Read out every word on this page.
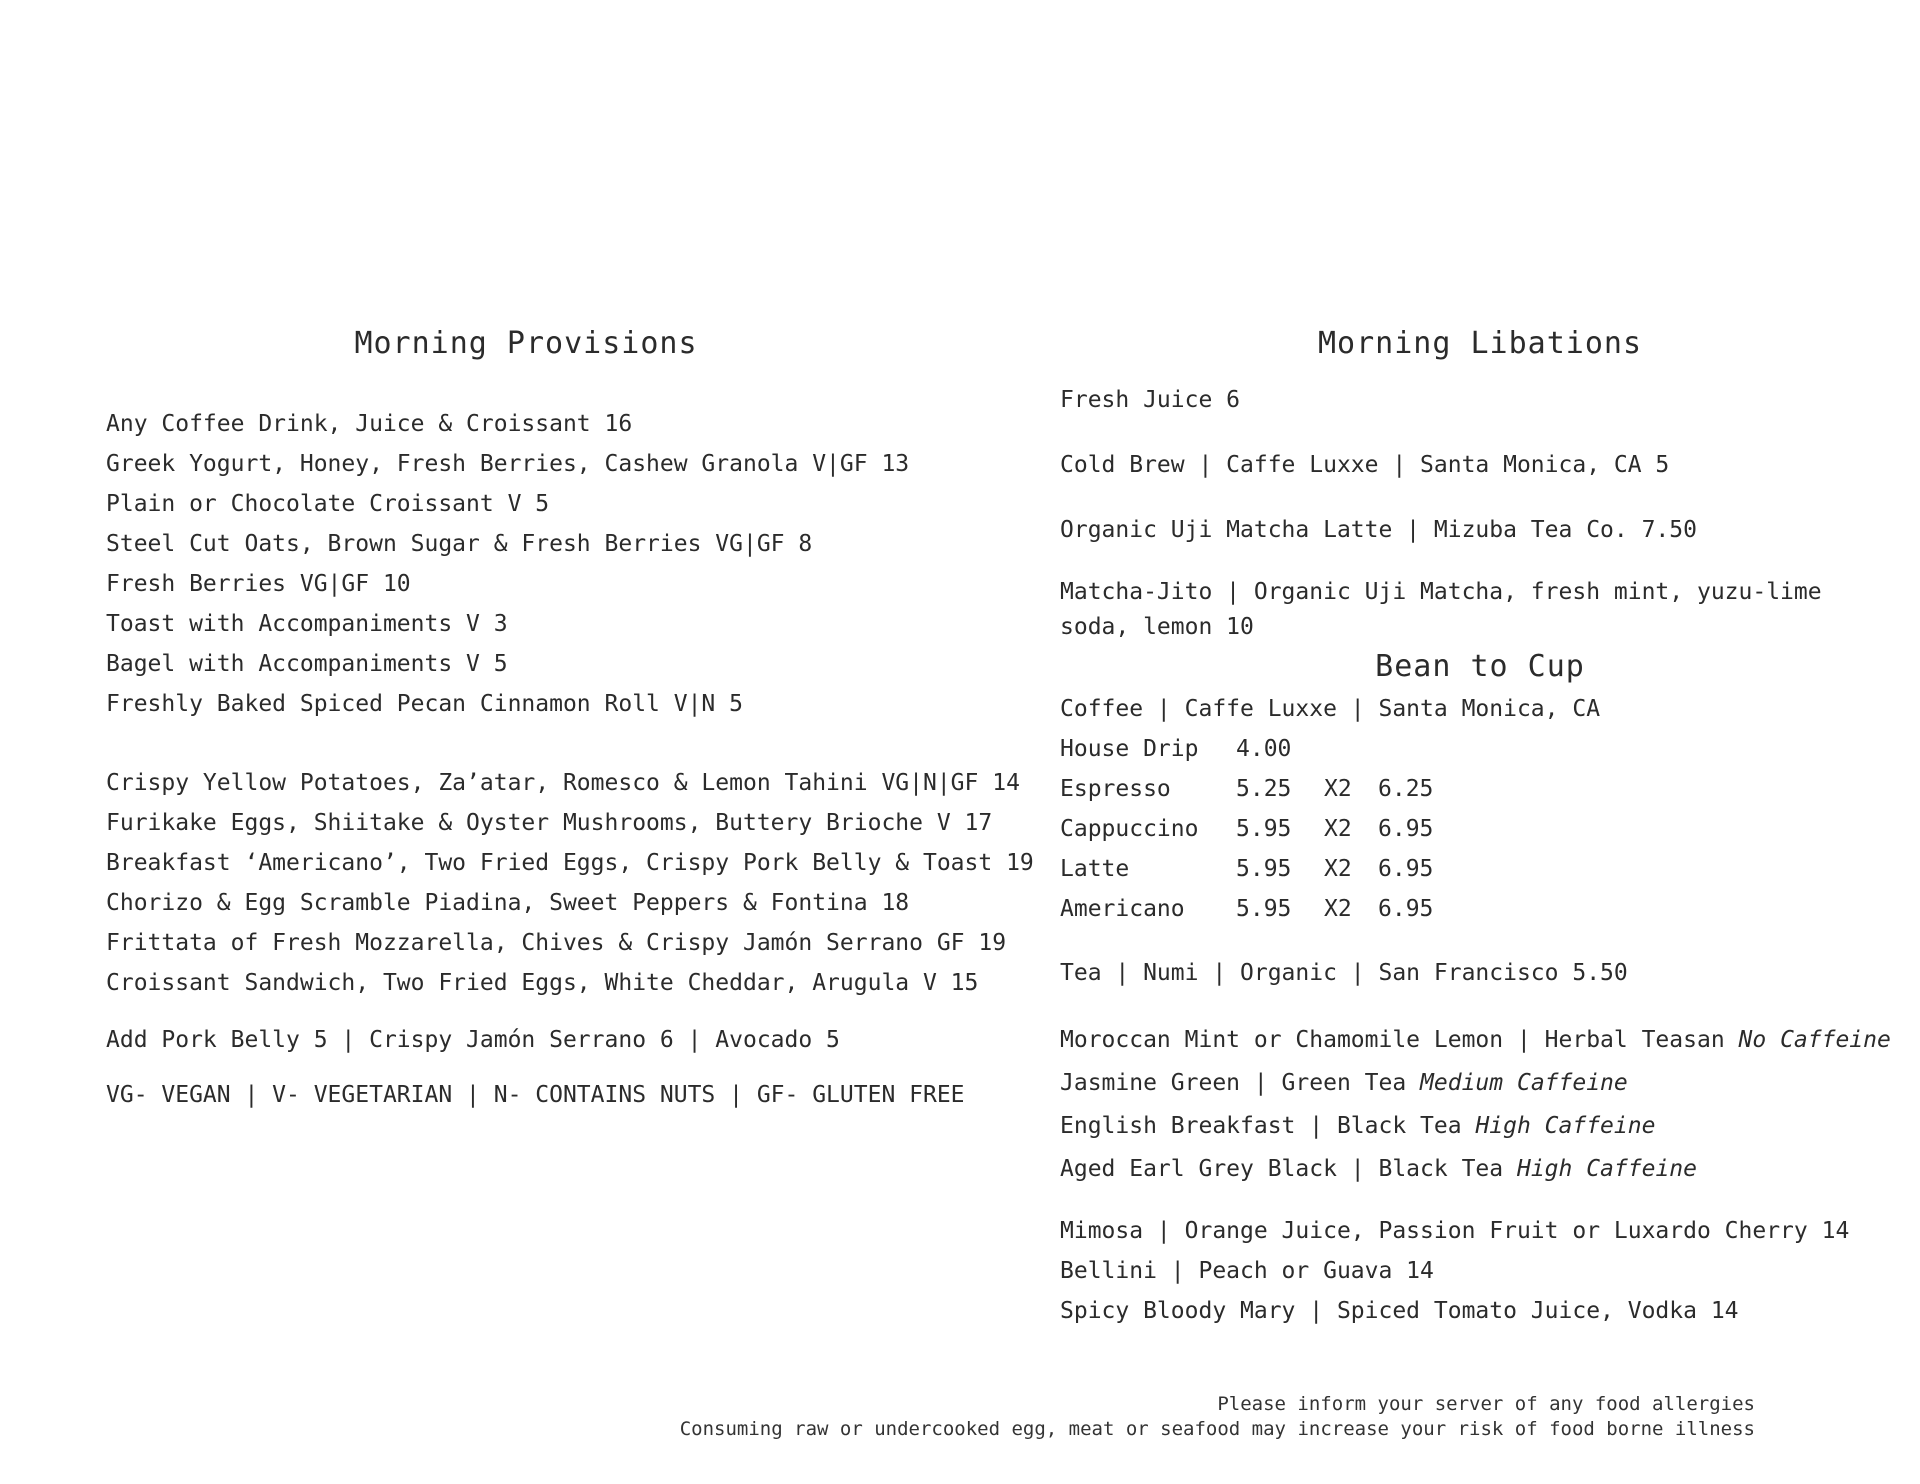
Morning Provisions
Any Coffee Drink, Juice & Croissant 16
Greek Yogurt, Honey, Fresh Berries, Cashew Granola V|GF 13
Plain or Chocolate Croissant V 5
Steel Cut Oats, Brown Sugar & Fresh Berries VG|GF 8
Fresh Berries VG|GF 10
Toast with Accompaniments V 3
Bagel with Accompaniments V 5
Freshly Baked Spiced Pecan Cinnamon Roll V|N 5
Crispy Yellow Potatoes, Za’atar, Romesco & Lemon Tahini VG|N|GF 14
Furikake Eggs, Shiitake & Oyster Mushrooms, Buttery Brioche V 17
Breakfast ‘Americano’, Two Fried Eggs, Crispy Pork Belly & Toast 19
Chorizo & Egg Scramble Piadina, Sweet Peppers & Fontina 18
Frittata of Fresh Mozzarella, Chives & Crispy Jamón Serrano GF 19
Croissant Sandwich, Two Fried Eggs, White Cheddar, Arugula V 15
Add Pork Belly 5 | Crispy Jamón Serrano 6 | Avocado 5
VG- VEGAN | V- VEGETARIAN | N- CONTAINS NUTS | GF- GLUTEN FREE
Morning Libations
Fresh Juice 6
Cold Brew | Caffe Luxxe | Santa Monica, CA 5
Organic Uji Matcha Latte | Mizuba Tea Co. 7.50
Matcha-Jito | Organic Uji Matcha, fresh mint, yuzu-lime soda, lemon 10
Bean to Cup
Coffee | Caffe Luxxe | Santa Monica, CA
House Drip	4.00
Espresso	5.25	X2	6.25
Cappuccino	5.95	X2	6.95
Latte	5.95	X2	6.95
Americano	5.95	X2	6.95
Tea | Numi | Organic | San Francisco 5.50
Moroccan Mint or Chamomile Lemon | Herbal Teasan No Caffeine
Jasmine Green | Green Tea Medium Caffeine
English Breakfast | Black Tea High Caffeine
Aged Earl Grey Black | Black Tea High Caffeine
Mimosa | Orange Juice, Passion Fruit or Luxardo Cherry 14
Bellini | Peach or Guava 14
Spicy Bloody Mary | Spiced Tomato Juice, Vodka 14
Please inform your server of any food allergies
Consuming raw or undercooked egg, meat or seafood may increase your risk of food borne illness
